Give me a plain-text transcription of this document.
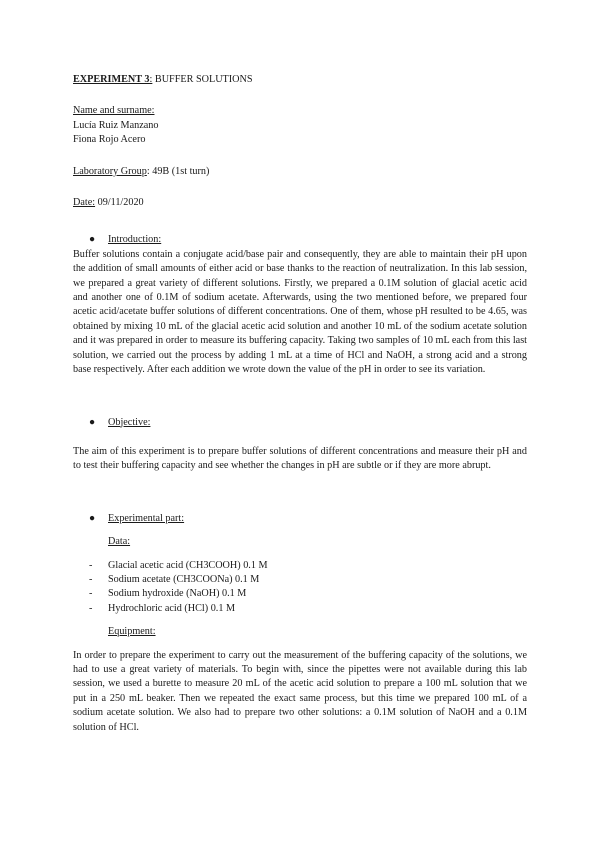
EXPERIMENT 3: BUFFER SOLUTIONS

Name and surname:

Lucía Ruiz Manzano

Fiona Rojo Acero

Laboratory Group: 49B (1st turn)

Date: 09/11/2020

● Introduction:

Buffer solutions contain a conjugate acid/base pair and consequently, they are able to maintain their pH upon the addition of small amounts of either acid or base thanks to the reaction of neutralization. In this lab session, we prepared a great variety of different solutions. Firstly, we prepared a 0.1M solution of glacial acetic acid and another one of 0.1M of sodium acetate. Afterwards, using the two mentioned before, we prepared four acetic acid/acetate buffer solutions of different concentrations. One of them, whose pH resulted to be 4.65, was obtained by mixing 10 mL of the glacial acetic acid solution and another 10 mL of the sodium acetate solution and it was prepared in order to measure its buffering capacity. Taking two samples of 10 mL each from this last solution, we carried out the process by adding 1 mL at a time of HCl and NaOH, a strong acid and a strong base respectively. After each addition we wrote down the value of the pH in order to see its variation.

● Objective:

The aim of this experiment is to prepare buffer solutions of different concentrations and measure their pH and to test their buffering capacity and see whether the changes in pH are subtle or if they are more abrupt.

● Experimental part:

Data:

- Glacial acetic acid (CH3COOH) 0.1 M
- Sodium acetate (CH3COONa) 0.1 M
- Sodium hydroxide (NaOH) 0.1 M
- Hydrochloric acid (HCl) 0.1 M

Equipment:

In order to prepare the experiment to carry out the measurement of the buffering capacity of the solutions, we had to use a great variety of materials. To begin with, since the pipettes were not available during this lab session, we used a burette to measure 20 mL of the acetic acid solution to prepare a 100 mL solution that we put in a 250 mL beaker. Then we repeated the exact same process, but this time we prepared 100 mL of a sodium acetate solution. We also had to prepare two other solutions: a 0.1M solution of NaOH and a 0.1M solution of HCl.
